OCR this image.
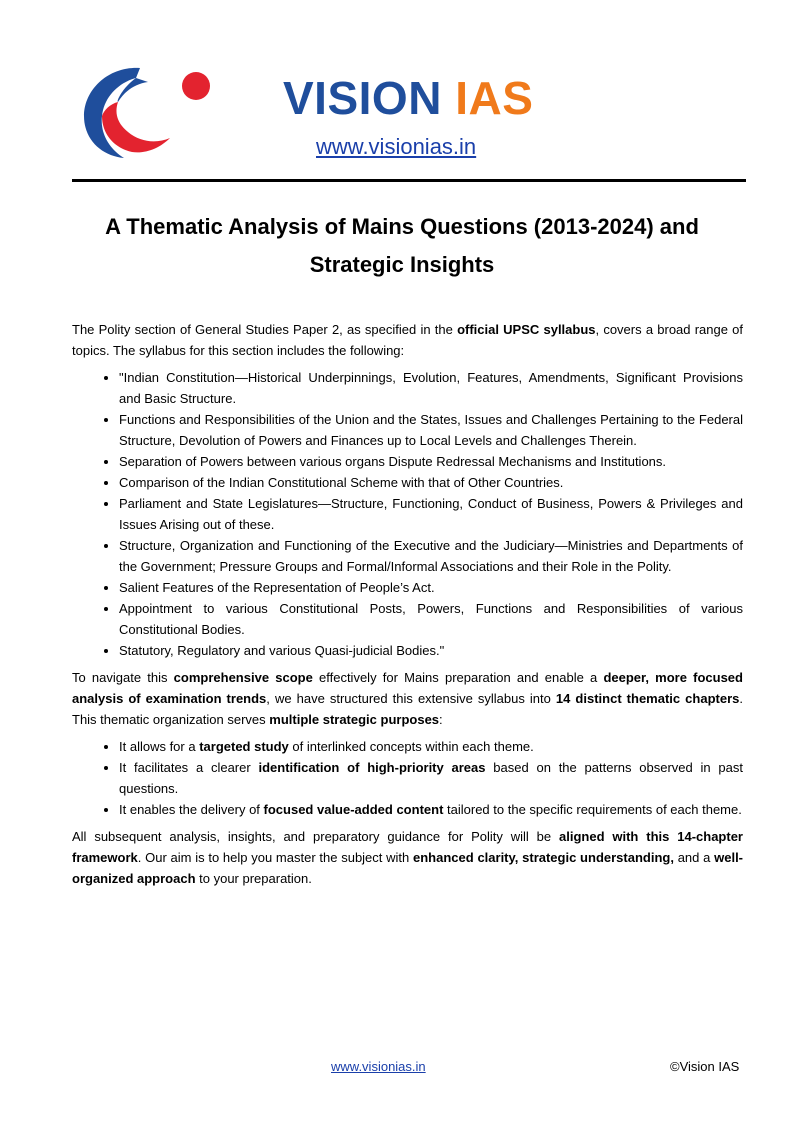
VISION IAS
www.visionias.in
A Thematic Analysis of Mains Questions (2013-2024) and Strategic Insights

The Polity section of General Studies Paper 2, as specified in the official UPSC syllabus, covers a broad range of topics. The syllabus for this section includes the following:

• "Indian Constitution—Historical Underpinnings, Evolution, Features, Amendments, Significant Provisions and Basic Structure.
• Functions and Responsibilities of the Union and the States, Issues and Challenges Pertaining to the Federal Structure, Devolution of Powers and Finances up to Local Levels and Challenges Therein.
• Separation of Powers between various organs Dispute Redressal Mechanisms and Institutions.
• Comparison of the Indian Constitutional Scheme with that of Other Countries.
• Parliament and State Legislatures—Structure, Functioning, Conduct of Business, Powers & Privileges and Issues Arising out of these.
• Structure, Organization and Functioning of the Executive and the Judiciary—Ministries and Departments of the Government; Pressure Groups and Formal/Informal Associations and their Role in the Polity.
• Salient Features of the Representation of People’s Act.
• Appointment to various Constitutional Posts, Powers, Functions and Responsibilities of various Constitutional Bodies.
• Statutory, Regulatory and various Quasi-judicial Bodies."

To navigate this comprehensive scope effectively for Mains preparation and enable a deeper, more focused analysis of examination trends, we have structured this extensive syllabus into 14 distinct thematic chapters. This thematic organization serves multiple strategic purposes:

• It allows for a targeted study of interlinked concepts within each theme.
• It facilitates a clearer identification of high-priority areas based on the patterns observed in past questions.
• It enables the delivery of focused value-added content tailored to the specific requirements of each theme.

All subsequent analysis, insights, and preparatory guidance for Polity will be aligned with this 14-chapter framework. Our aim is to help you master the subject with enhanced clarity, strategic understanding, and a well-organized approach to your preparation.

www.visionias.in	©Vision IAS
